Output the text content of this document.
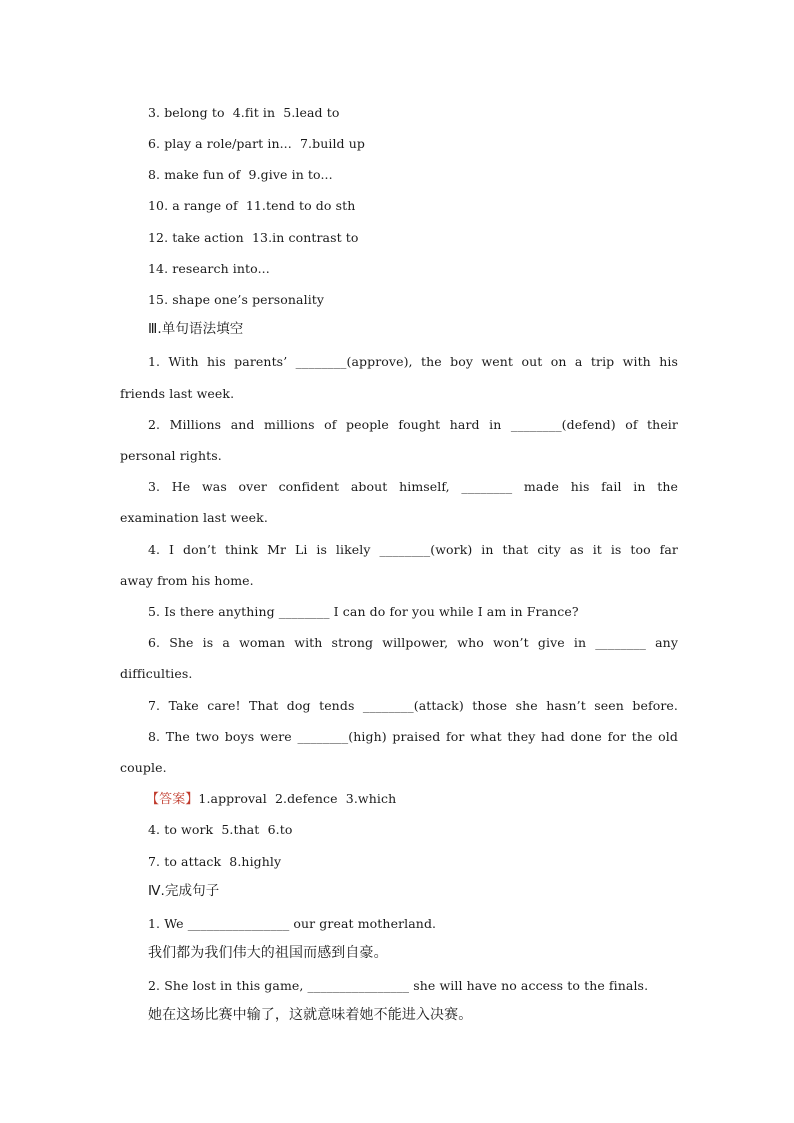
3. belong to  4.fit in  5.lead to
6. play a role/part in...  7.build up
8. make fun of  9.give in to...
10. a range of  11.tend to do sth
12. take action  13.in contrast to
14. research into...
15. shape one’s personality
Ⅲ.单句语法填空
1. With his parents’ ________(approve), the boy went out on a trip with his
friends last week.
2. Millions and millions of people fought hard in ________(defend) of their
personal rights.
3. He was over confident about himself, ________ made his fail in the
examination last week.
4. I don’t think Mr Li is likely ________(work) in that city as it is too far
away from his home.
5. Is there anything ________ I can do for you while I am in France?
6. She is a woman with strong willpower, who won’t give in ________ any
difficulties.
7. Take care! That dog tends ________(attack) those she hasn’t seen before.
8. The two boys were ________(high) praised for what they had done for the old
couple.
【答案】1.approval  2.defence  3.which
4. to work  5.that  6.to
7. to attack  8.highly
Ⅳ.完成句子
1. We ________________ our great motherland.
我们都为我们伟大的祖国而感到自豪。
2. She lost in this game, ________________ she will have no access to the finals.
她在这场比赛中输了，这就意味着她不能进入决赛。
